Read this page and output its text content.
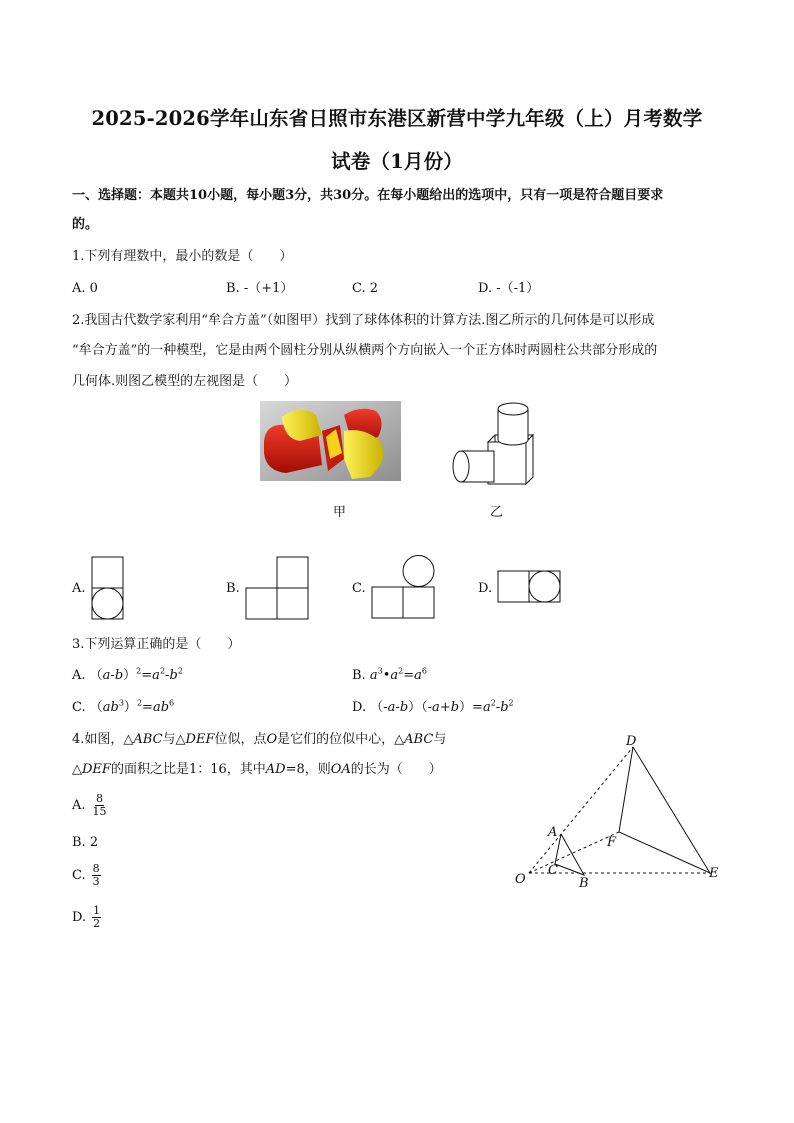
2025-2026学年山东省日照市东港区新营中学九年级（上）月考数学
试卷（1月份）
一、选择题：本题共10小题，每小题3分，共30分。在每小题给出的选项中，只有一项是符合题目要求
的。
1.下列有理数中，最小的数是（　　）
A. 0	B. -（+1）	C. 2	D. -（-1）
2.我国古代数学家利用“牟合方盖”（如图甲）找到了球体体积的计算方法.图乙所示的几何体是可以形成
“牟合方盖”的一种模型，它是由两个圆柱分别从纵横两个方向嵌入一个正方体时两圆柱公共部分形成的
几何体.则图乙模型的左视图是（　　）
甲	乙
A.	B.	C.	D.
3.下列运算正确的是（　　）
A. $(a-b)^2=a^2-b^2$	B. $a^3•a^2=a^6$
C. $(ab^3)^2=ab^6$	D. $(-a-b)(-a+b)=a^2-b^2$
4.如图，△ABC与△DEF位似，点O是它们的位似中心，△ABC与
△DEF的面积之比是1：16，其中AD=8，则OA的长为（　　）
A. $\frac{8}{15}$
B. 2
C. $\frac{8}{3}$
D. $\frac{1}{2}$
D
A
F
O
C
B
E
